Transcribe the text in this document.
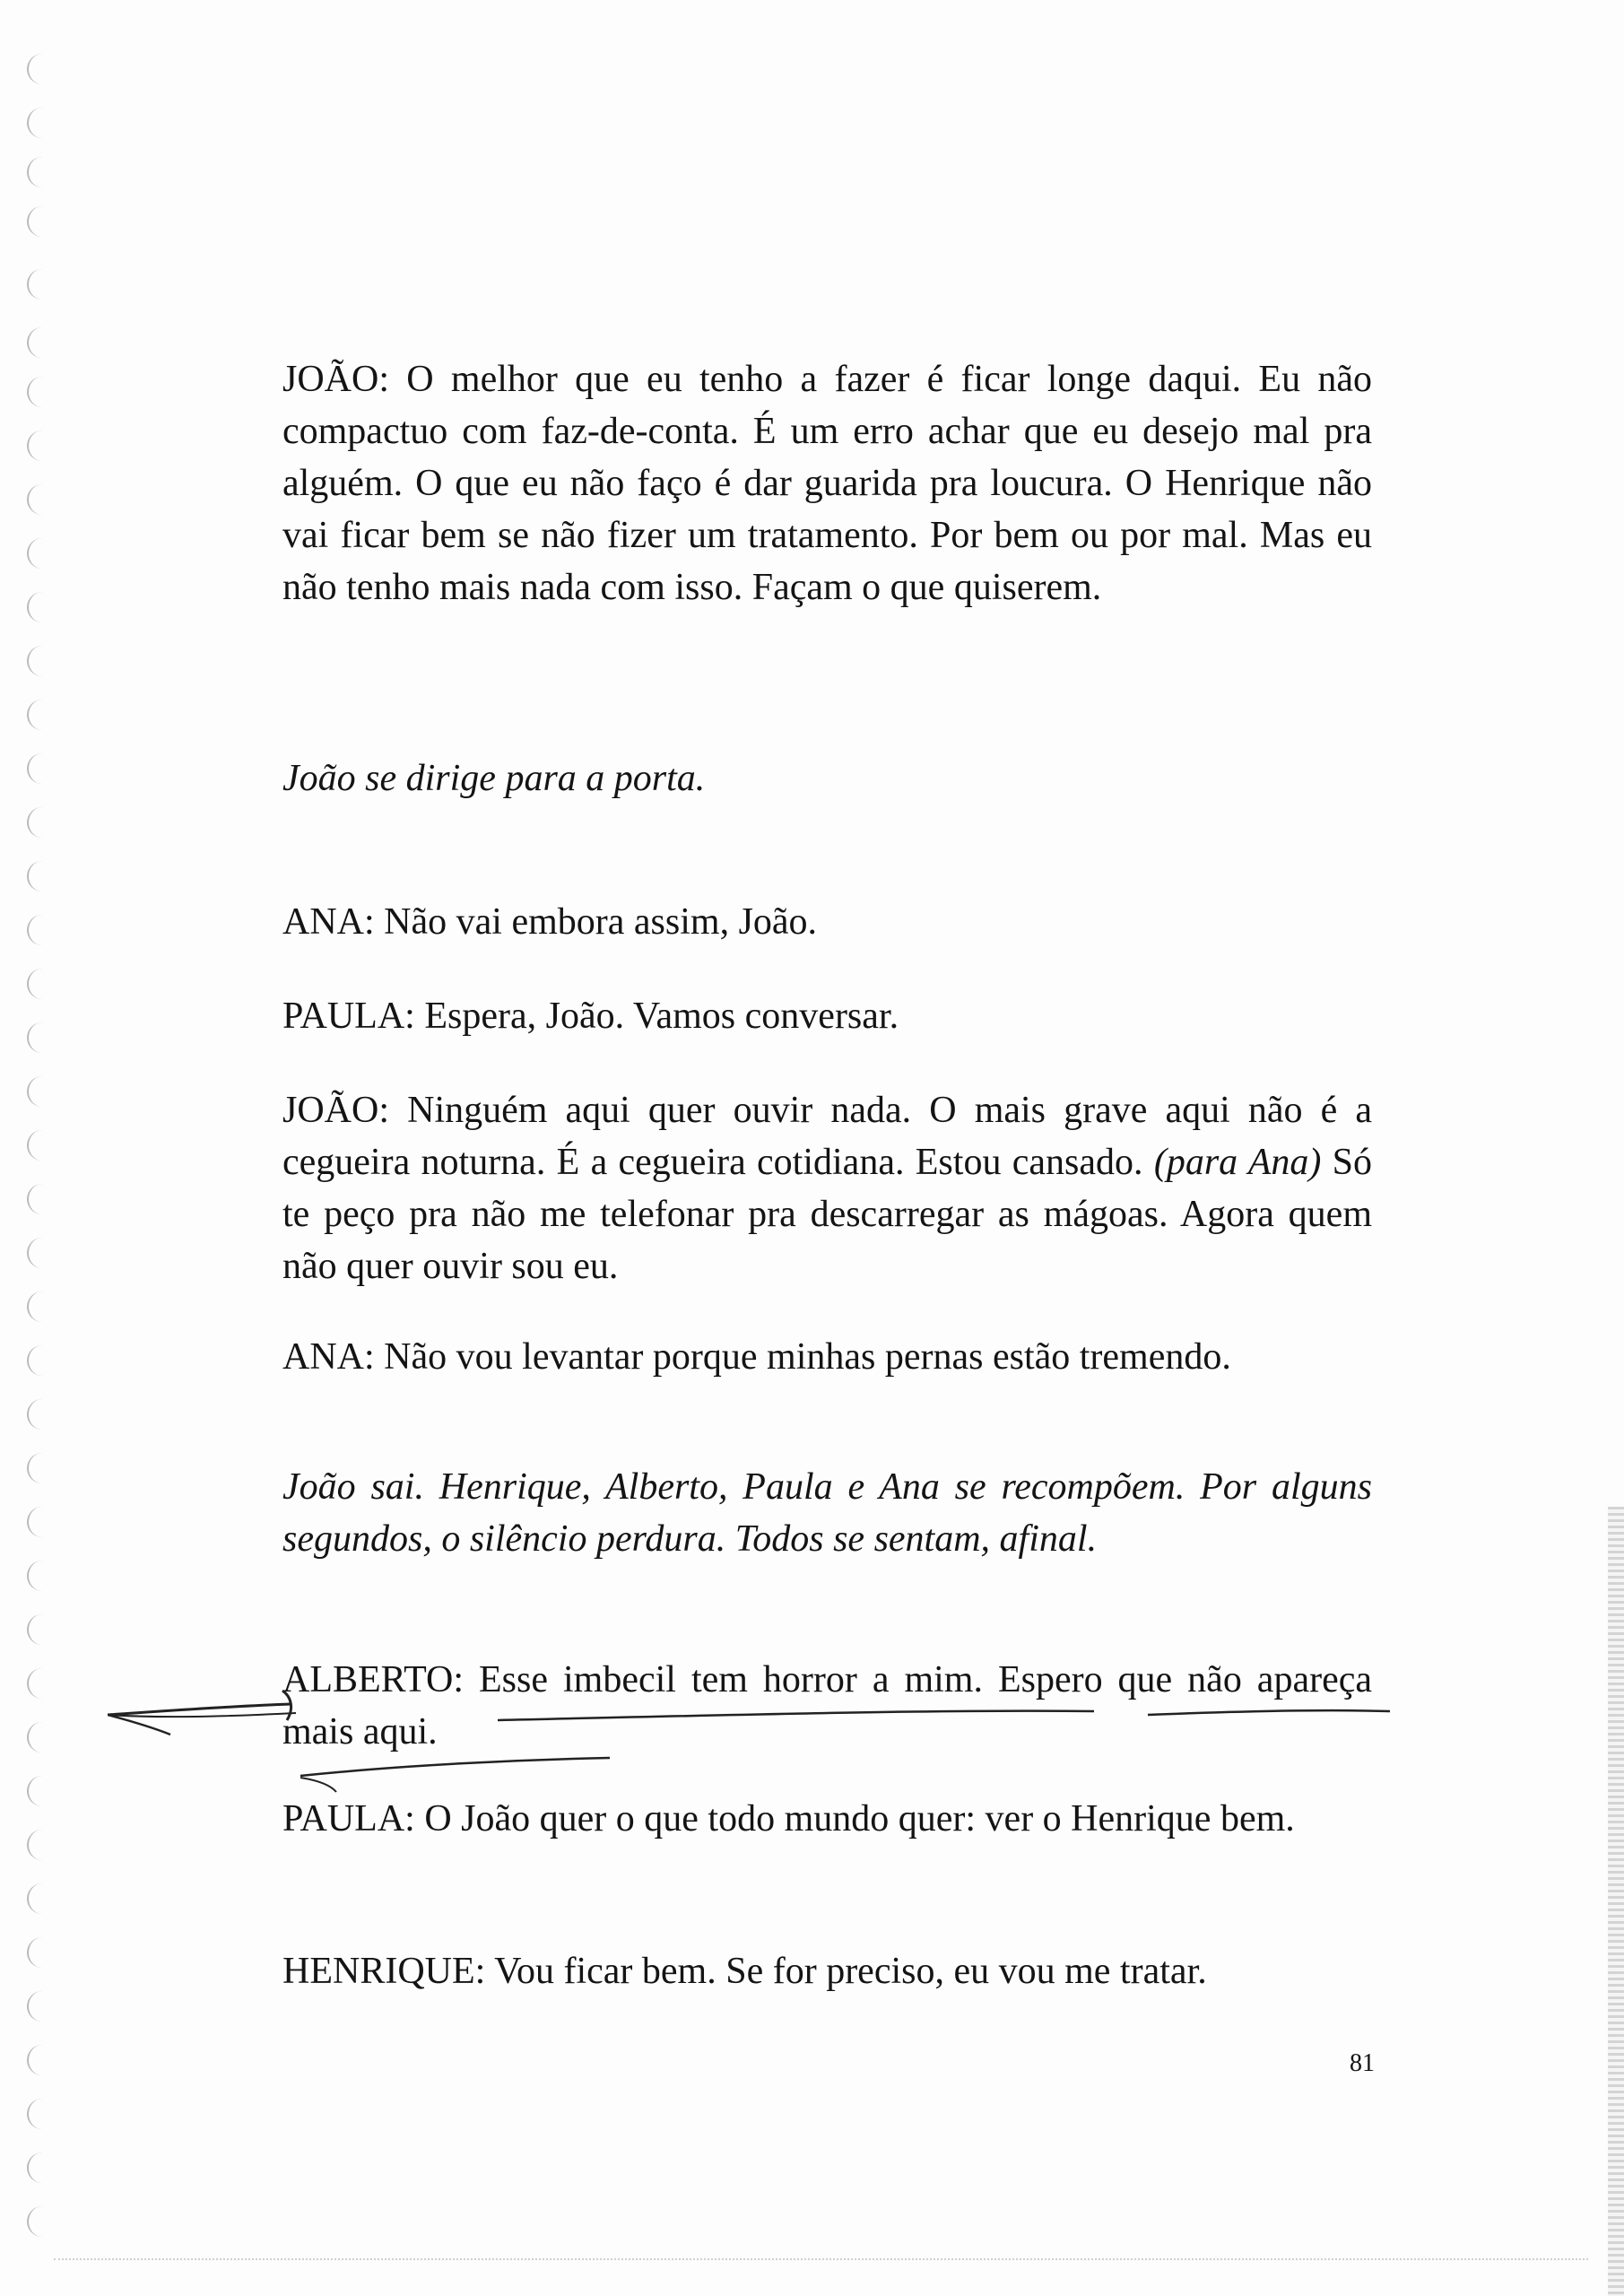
JOÃO: O melhor que eu tenho a fazer é ficar longe daqui. Eu não compactuo com faz-de-conta. É um erro achar que eu desejo mal pra alguém. O que eu não faço é dar guarida pra loucura. O Henrique não vai ficar bem se não fizer um tratamento. Por bem ou por mal. Mas eu não tenho mais nada com isso. Façam o que quiserem.
João se dirige para a porta.
ANA: Não vai embora assim, João.
PAULA: Espera, João. Vamos conversar.
JOÃO: Ninguém aqui quer ouvir nada. O mais grave aqui não é a cegueira noturna. É a cegueira cotidiana. Estou cansado. (para Ana) Só te peço pra não me telefonar pra descarregar as mágoas. Agora quem não quer ouvir sou eu.
ANA: Não vou levantar porque minhas pernas estão tremendo.
João sai. Henrique, Alberto, Paula e Ana se recompõem. Por alguns segundos, o silêncio perdura. Todos se sentam, afinal.
ALBERTO: Esse imbecil tem horror a mim. Espero que não apareça mais aqui.
PAULA: O João quer o que todo mundo quer: ver o Henrique bem.
HENRIQUE: Vou ficar bem. Se for preciso, eu vou me tratar.
81
